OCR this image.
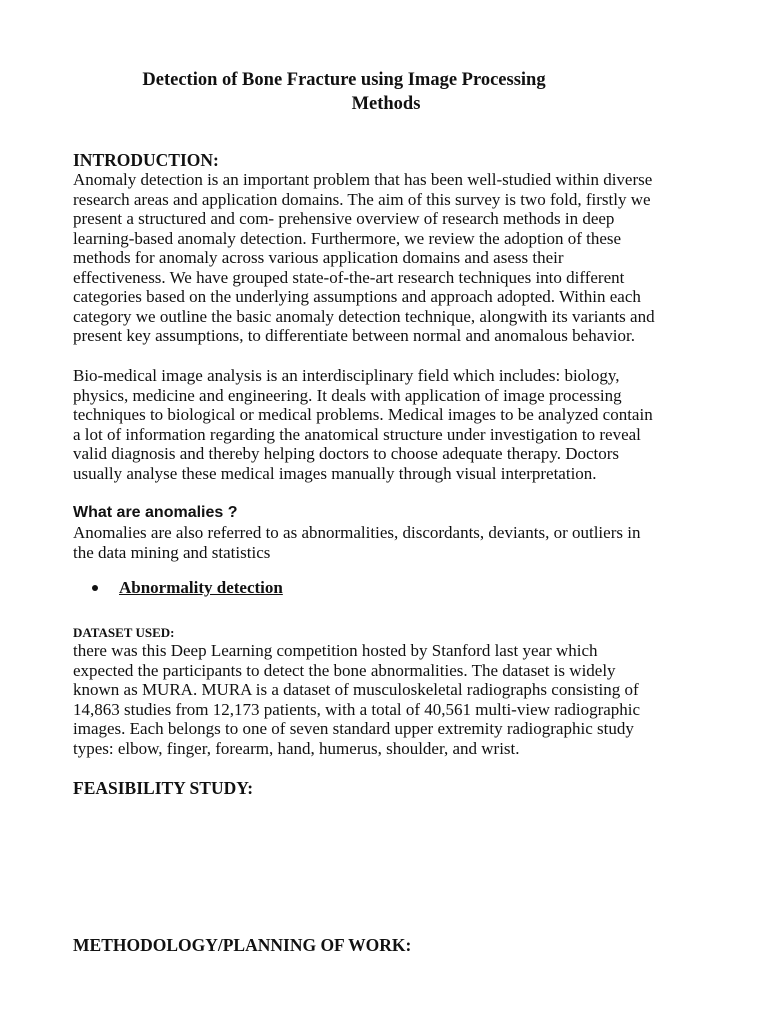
Detection of Bone Fracture using Image Processing
Methods
INTRODUCTION:

Anomaly detection is an important problem that has been well-studied within diverse
research areas and application domains. The aim of this survey is two fold, firstly we
present a structured and com- prehensive overview of research methods in deep
learning-based anomaly detection. Furthermore, we review the adoption of these
methods for anomaly across various application domains and asess their
effectiveness. We have grouped state-of-the-art research techniques into different
categories based on the underlying assumptions and approach adopted. Within each
category we outline the basic anomaly detection technique, alongwith its variants and
present key assumptions, to differentiate between normal and anomalous behavior.

Bio-medical image analysis is an interdisciplinary field which includes: biology,
physics, medicine and engineering. It deals with application of image processing
techniques to biological or medical problems. Medical images to be analyzed contain
a lot of information regarding the anatomical structure under investigation to reveal
valid diagnosis and thereby helping doctors to choose adequate therapy. Doctors
usually analyse these medical images manually through visual interpretation.

What are anomalies ?

Anomalies are also referred to as abnormalities, discordants, deviants, or outliers in
the data mining and statistics

Abnormality detection
DATASET USED:

there was this Deep Learning competition hosted by Stanford last year which
expected the participants to detect the bone abnormalities. The dataset is widely
known as MURA. MURA is a dataset of musculoskeletal radiographs consisting of
14,863 studies from 12,173 patients, with a total of 40,561 multi-view radiographic
images. Each belongs to one of seven standard upper extremity radiographic study
types: elbow, finger, forearm, hand, humerus, shoulder, and wrist.

FEASIBILITY STUDY:
METHODOLOGY/PLANNING OF WORK:
